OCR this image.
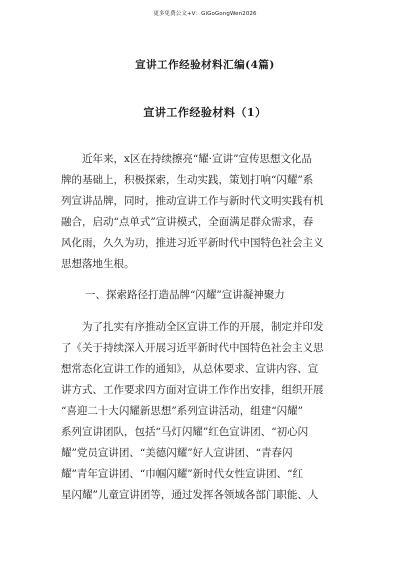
更多免费公文+V：GiGoGongWen2026
宣讲工作经验材料汇编(4篇)
宣讲工作经验材料（1）
　　近年来，x区在持续擦亮“耀·宣讲”宣传思想文化品
牌的基础上，积极探索，生动实践，策划打响“闪耀”系
列宣讲品牌，同时，推动宣讲工作与新时代文明实践有机
融合，启动“点单式”宣讲模式，全面满足群众需求，春
风化雨，久久为功，推进习近平新时代中国特色社会主义
思想落地生根。
一、探索路径打造品牌“闪耀”宣讲凝神聚力
　　为了扎实有序推动全区宣讲工作的开展，制定并印发
了《关于持续深入开展习近平新时代中国特色社会主义思
想常态化宣讲工作的通知》，从总体要求、宣讲内容、宣
讲方式、工作要求四方面对宣讲工作作出安排，组织开展
“喜迎二十大闪耀新思想”系列宣讲活动，组建“闪耀”
系列宣讲团队，包括“马灯闪耀”红色宣讲团、“初心闪
耀”党员宣讲团、“美德闪耀”好人宣讲团、“青春闪
耀”青年宣讲团、“巾帼闪耀”新时代女性宣讲团、“红
星闪耀”儿童宣讲团等，通过发挥各领域各部门职能、人
